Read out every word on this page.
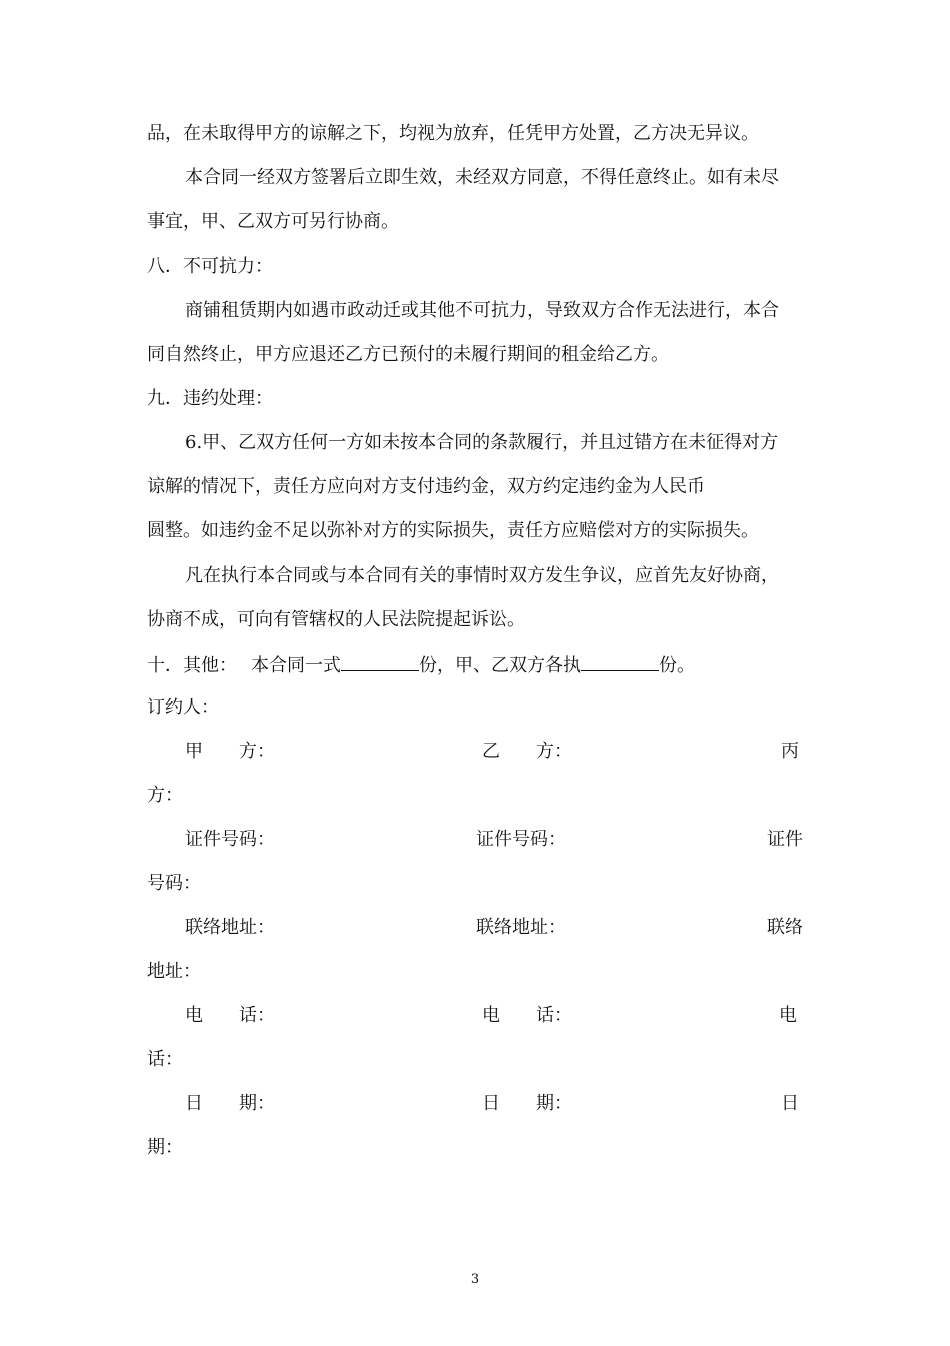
品，在未取得甲方的谅解之下，均视为放弃，任凭甲方处置，乙方决无异议。
本合同一经双方签署后立即生效，未经双方同意，不得任意终止。如有未尽
事宜，甲、乙双方可另行协商。
八．不可抗力：
商铺租赁期内如遇市政动迁或其他不可抗力，导致双方合作无法进行，本合
同自然终止，甲方应退还乙方已预付的未履行期间的租金给乙方。
九．违约处理：
6.甲、乙双方任何一方如未按本合同的条款履行，并且过错方在未征得对方
谅解的情况下，责任方应向对方支付违约金，双方约定违约金为人民币
圆整。如违约金不足以弥补对方的实际损失，责任方应赔偿对方的实际损失。
凡在执行本合同或与本合同有关的事情时双方发生争议，应首先友好协商，
协商不成，可向有管辖权的人民法院提起诉讼。
十．其他： 本合同一式	份，甲、乙双方各执	份。
订约人：
甲　　方：	乙　　方：	丙
方：
证件号码：	证件号码：	证件
号码：
联络地址：	联络地址：	联络
地址：
电　　话：	电　　话：	电
话：
日　　期：	日　　期：	日
期：
3
